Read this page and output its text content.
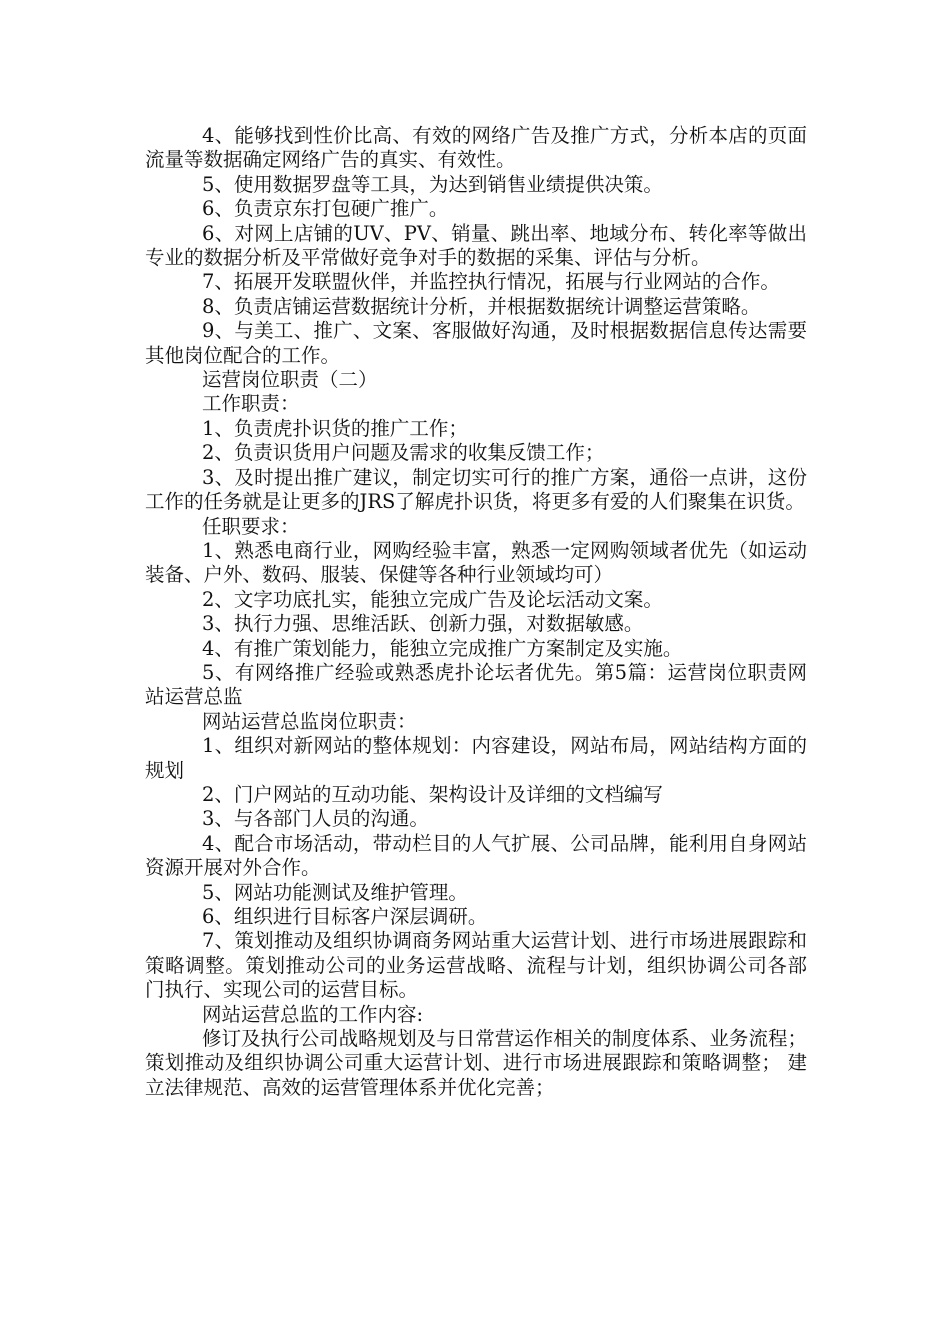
4、能够找到性价比高、有效的网络广告及推广方式，分析本店的页面流量等数据确定网络广告的真实、有效性。

5、使用数据罗盘等工具，为达到销售业绩提供决策。

6、负责京东打包硬广推广。

6、对网上店铺的UV、PV、销量、跳出率、地域分布、转化率等做出专业的数据分析及平常做好竞争对手的数据的采集、评估与分析。

7、拓展开发联盟伙伴，并监控执行情况，拓展与行业网站的合作。

8、负责店铺运营数据统计分析，并根据数据统计调整运营策略。

9、与美工、推广、文案、客服做好沟通，及时根据数据信息传达需要其他岗位配合的工作。

运营岗位职责（二）

工作职责：

1、负责虎扑识货的推广工作；

2、负责识货用户问题及需求的收集反馈工作；

3、及时提出推广建议，制定切实可行的推广方案，通俗一点讲，这份工作的任务就是让更多的JRS了解虎扑识货，将更多有爱的人们聚集在识货。

任职要求：

1、熟悉电商行业，网购经验丰富，熟悉一定网购领域者优先（如运动装备、户外、数码、服装、保健等各种行业领域均可）

2、文字功底扎实，能独立完成广告及论坛活动文案。

3、执行力强、思维活跃、创新力强，对数据敏感。

4、有推广策划能力，能独立完成推广方案制定及实施。

5、有网络推广经验或熟悉虎扑论坛者优先。第5篇：运营岗位职责网站运营总监

网站运营总监岗位职责：

1、组织对新网站的整体规划：内容建设，网站布局，网站结构方面的规划

2、门户网站的互动功能、架构设计及详细的文档编写

3、与各部门人员的沟通。

4、配合市场活动，带动栏目的人气扩展、公司品牌，能利用自身网站资源开展对外合作。

5、网站功能测试及维护管理。

6、组织进行目标客户深层调研。

7、策划推动及组织协调商务网站重大运营计划、进行市场进展跟踪和策略调整。策划推动公司的业务运营战略、流程与计划，组织协调公司各部门执行、实现公司的运营目标。

网站运营总监的工作内容:

修订及执行公司战略规划及与日常营运作相关的制度体系、业务流程； 策划推动及组织协调公司重大运营计划、进行市场进展跟踪和策略调整； 建立法律规范、高效的运营管理体系并优化完善；
